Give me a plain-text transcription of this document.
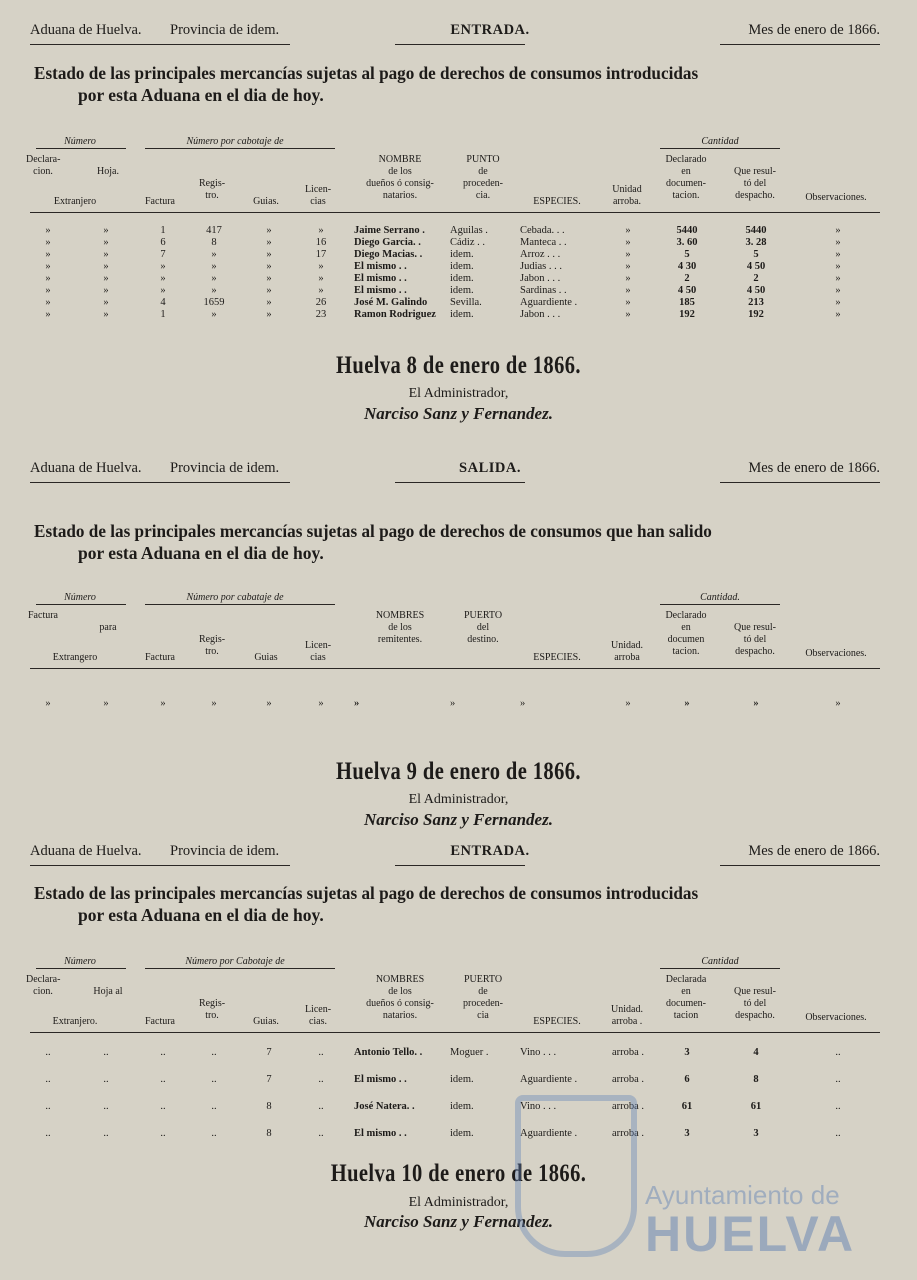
Aduana de Huelva.	ENTRADA.	Mes de enero de 1866.
Provincia de idem.
Estado de las principales mercancías sujetas al pago de derechos de consumos introducidas
por esta Aduana en el dia de hoy.
Número	Número por cabotaje de
Declara-
cion.	Hoja.
Extranjero	Factura
Regis-
tro.
Guias.
Licen-
cias
NOMBRE
de los
dueños ó consig-
natarios.
PUNTO
de
proceden-
cia.
ESPECIES.
Unidad
arroba.
Cantidad
Declarado
en
documen-
tacion.
Que resul-
tó del
despacho.	Observaciones.
»	»	1	417	»	»	Jaime Serrano .	Aguilas .	Cebada. . .	»	5440	5440	»
»	»	6	8	»	16	Diego Garcia. .	Cádiz . .	Manteca . .	»	3. 60	3. 28	»
»	»	7	»	»	17	Diego Macias. .	idem.	Arroz . . .	»	5	5	»
»	»	»	»	»	»	El mismo . .	idem.	Judias . . .	»	4 30	4 50	»
»	»	»	»	»	»	El mismo . .	idem.	Jabon . . .	»	2	2	»
»	»	»	»	»	»	El mismo . .	idem.	Sardinas . .	»	4 50	4 50	»
»	»	4	1659	»	26	José M. Galindo	Sevilla.	Aguardiente .	»	185	213	»
»	»	1	»	»	23	Ramon Rodriguez	idem.	Jabon . . .	»	192	192	»
Huelva 8 de enero de 1866.
El Administrador,
Narciso Sanz y Fernandez.
Aduana de Huelva.	SALIDA.	Mes de enero de 1866.
Provincia de idem.
Estado de las principales mercancías sujetas al pago de derechos de consumos que han salido
por esta Aduana en el dia de hoy.
Número	Número por cabataje de
Factura
para
Extrangero	Factura
Regis-
tro.
Guias
Licen-
cias
NOMBRES
de los
remitentes.
PUERTO
del
destino.
ESPECIES.
Unidad.
arroba
Cantidad.
Declarado
en
documen
tacion.
Que resul-
tó del
despacho.	Observaciones.
»	»	»	»	»	»	»	»	»	»	»	»	»
Huelva 9 de enero de 1866.
El Administrador,
Narciso Sanz y Fernandez.
Aduana de Huelva.	ENTRADA.	Mes de enero de 1866.
Provincia de idem.
Estado de las principales mercancías sujetas al pago de derechos de consumos introducidas
por esta Aduana en el dia de hoy.
Número	Número por Cabotaje de
Declara-
cion.	Hoja al
Extranjero.	Factura
Regis-
tro.
Guias.
Licen-
cias.
NOMBRES
de los
dueños ó consig-
natarios.
PUERTO
de
proceden-
cia
ESPECIES.
Unidad.
arroba .
Cantidad
Declarada
en
documen-
tacion
Que resul-
tó del
despacho.	Observaciones.
..	..	..	..	7	..	Antonio Tello. .	Moguer .	Vino . . .	arroba .	3	4	..
..	..	..	..	7	..	El mismo . .	idem.	Aguardiente .	arroba .	6	8	..
..	..	..	..	8	..	José Natera. .	idem.	Vino . . .	arroba .	61	61	..
..	..	..	..	8	..	El mismo . .	idem.	Aguardiente .	arroba .	3	3	..
Huelva 10 de enero de 1866.
El Administrador,
Narciso Sanz y Fernandez.
Ayuntamiento de
HUELVA
